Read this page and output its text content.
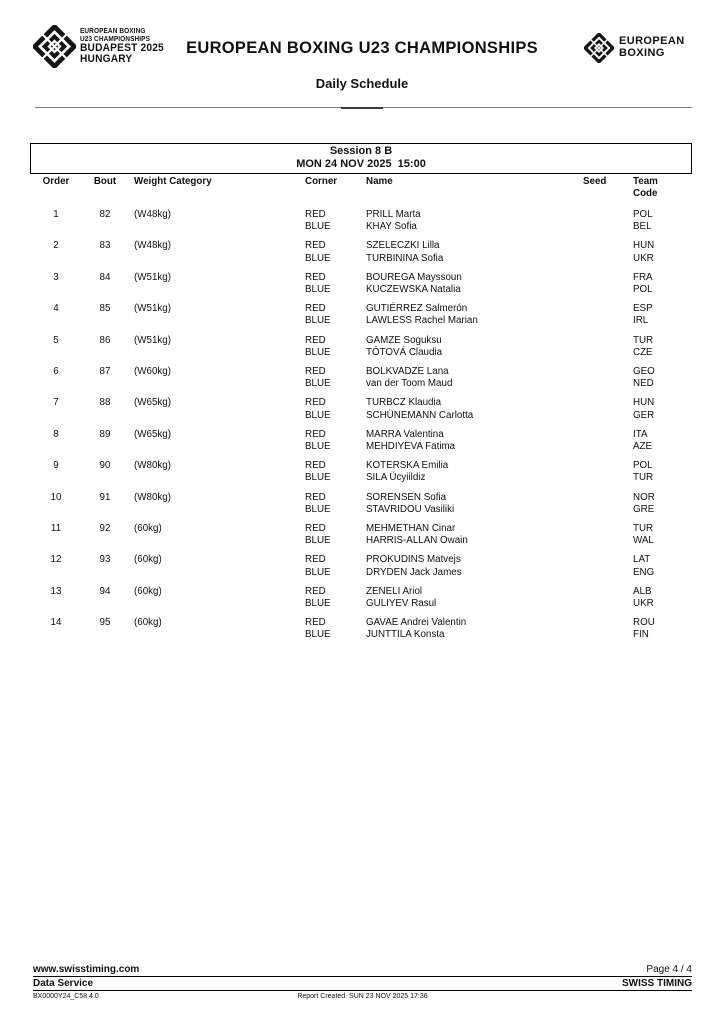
EUROPEAN BOXING
U23 CHAMPIONSHIPS
BUDAPEST 2025
HUNGARY
EUROPEAN BOXING U23 CHAMPIONSHIPS
Daily Schedule
EUROPEAN
BOXING
Session 8 B
MON 24 NOV 2025  15:00
Order	Bout	Weight Category	Corner	Name	Seed	Team
Code
1	82	(W48kg)	RED	PRILL Marta	POL
BLUE	KHAY Sofia	BEL
2	83	(W48kg)	RED	SZELECZKI Lilla	HUN
BLUE	TURBININA Sofia	UKR
3	84	(W51kg)	RED	BOUREGA Mayssoun	FRA
BLUE	KUCZEWSKA Natalia	POL
4	85	(W51kg)	RED	GUTIÉRREZ Salmerón	ESP
BLUE	LAWLESS Rachel Marian	IRL
5	86	(W51kg)	RED	GAMZE Soguksu	TUR
BLUE	TÓTOVÁ Claudia	CZE
6	87	(W60kg)	RED	BOLKVADZE Lana	GEO
BLUE	van der Toom Maud	NED
7	88	(W65kg)	RED	TURBCZ Klaudia	HUN
BLUE	SCHÜNEMANN Carlotta	GER
8	89	(W65kg)	RED	MARRA Valentina	ITA
BLUE	MEHDIYEVA Fatima	AZE
9	90	(W80kg)	RED	KOTERSKA Emilia	POL
BLUE	SILA Ücyiildiz	TUR
10	91	(W80kg)	RED	SORENSEN Sofia	NOR
BLUE	STAVRIDOU Vasiliki	GRE
11	92	(60kg)	RED	MEHMETHAN Cinar	TUR
BLUE	HARRIS-ALLAN Owain	WAL
12	93	(60kg)	RED	PROKUDINS Matvejs	LAT
BLUE	DRYDEN Jack James	ENG
13	94	(60kg)	RED	ZENELI Ariol	ALB
BLUE	GULIYEV Rasul	UKR
14	95	(60kg)	RED	GAVAE Andrei Valentin	ROU
BLUE	JUNTTILA Konsta	FIN
www.swisstiming.com	Page 4 / 4
Data Service	SWISS TIMING
BX0000Y24_C58 4.0	Report Created  SUN 23 NOV 2025 17:36
